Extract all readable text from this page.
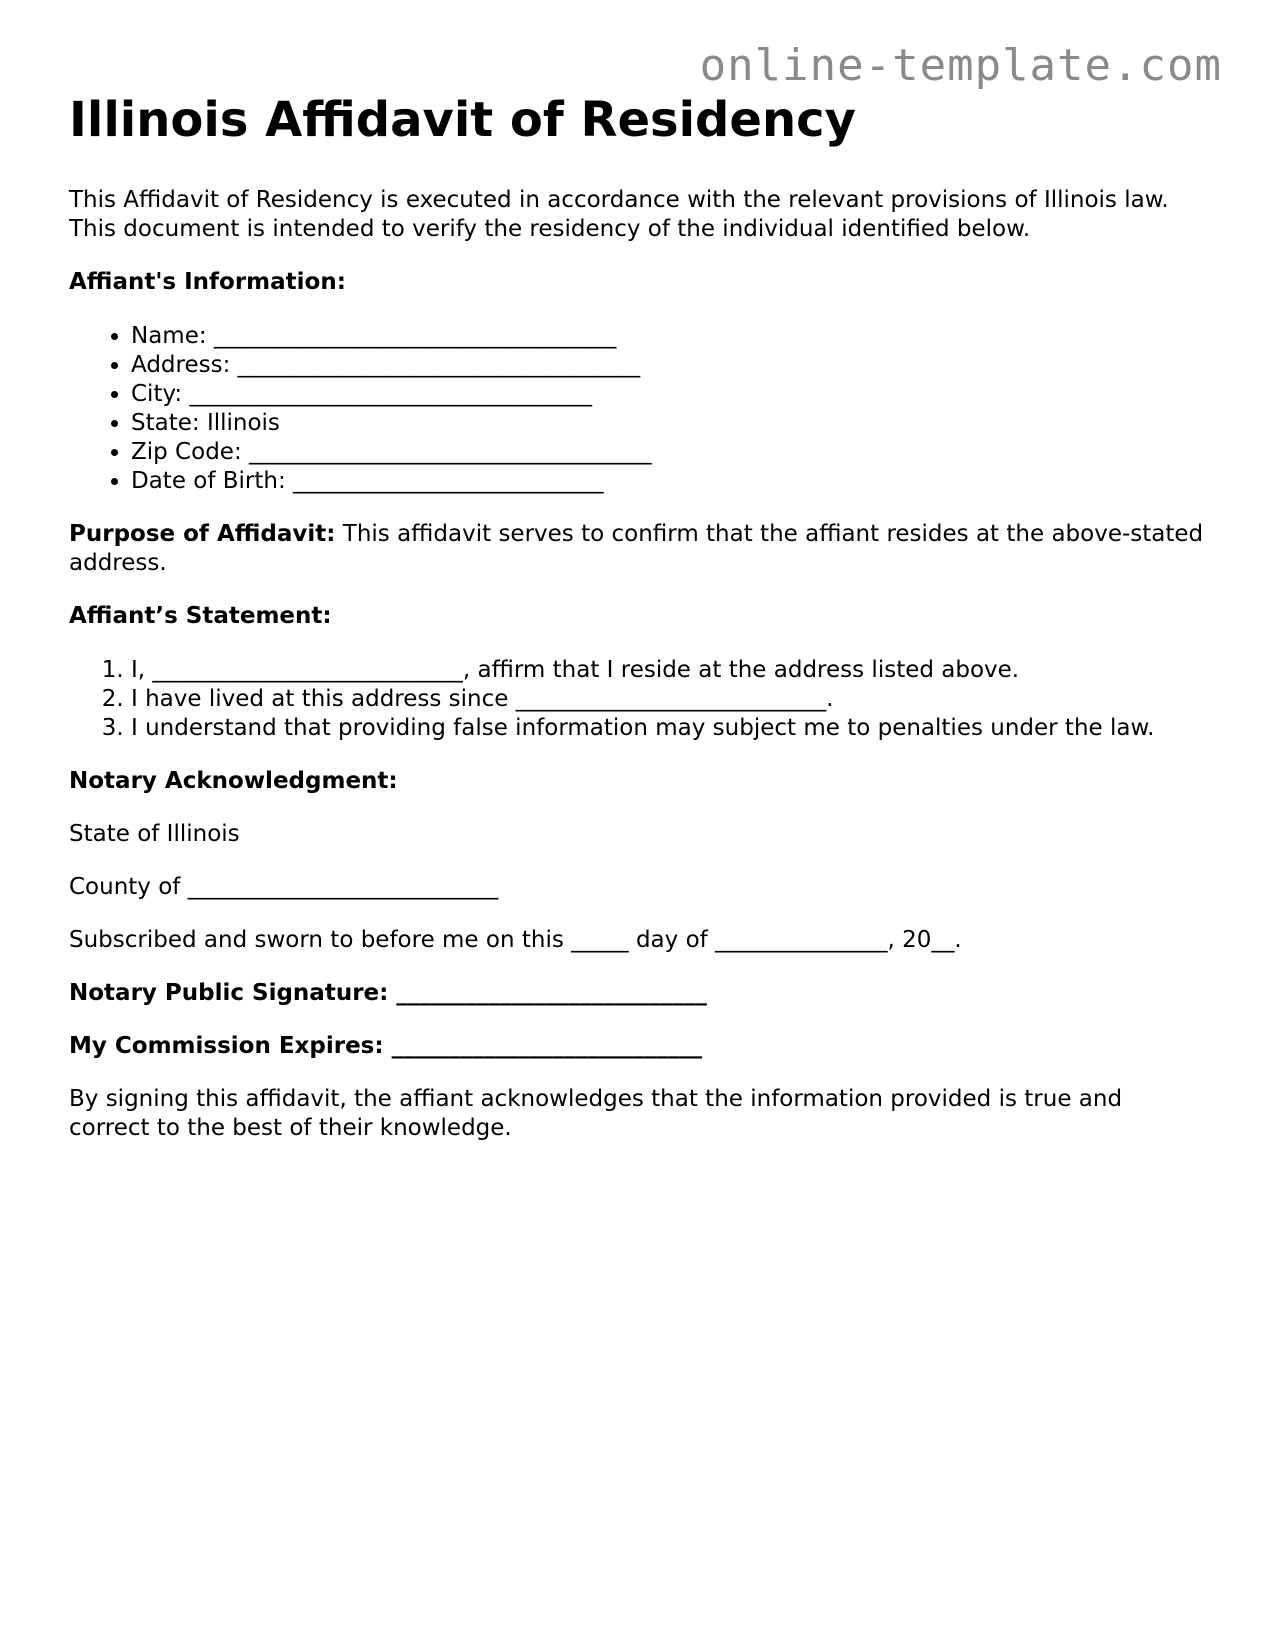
online-template.com
Illinois Affidavit of Residency

This Affidavit of Residency is executed in accordance with the relevant provisions of Illinois law. This document is intended to verify the residency of the individual identified below.

Affiant's Information:

• Name: ___________________________________
• Address: ___________________________________
• City: ___________________________________
• State: Illinois
• Zip Code: ___________________________________
• Date of Birth: ___________________________

Purpose of Affidavit: This affidavit serves to confirm that the affiant resides at the above-stated address.

Affiant’s Statement:

1. I, ___________________________, affirm that I reside at the address listed above.
2. I have lived at this address since ___________________________.
3. I understand that providing false information may subject me to penalties under the law.

Notary Acknowledgment:

State of Illinois

County of ___________________________

Subscribed and sworn to before me on this _____ day of _______________, 20__.

Notary Public Signature: ___________________________

My Commission Expires: ___________________________

By signing this affidavit, the affiant acknowledges that the information provided is true and correct to the best of their knowledge.
